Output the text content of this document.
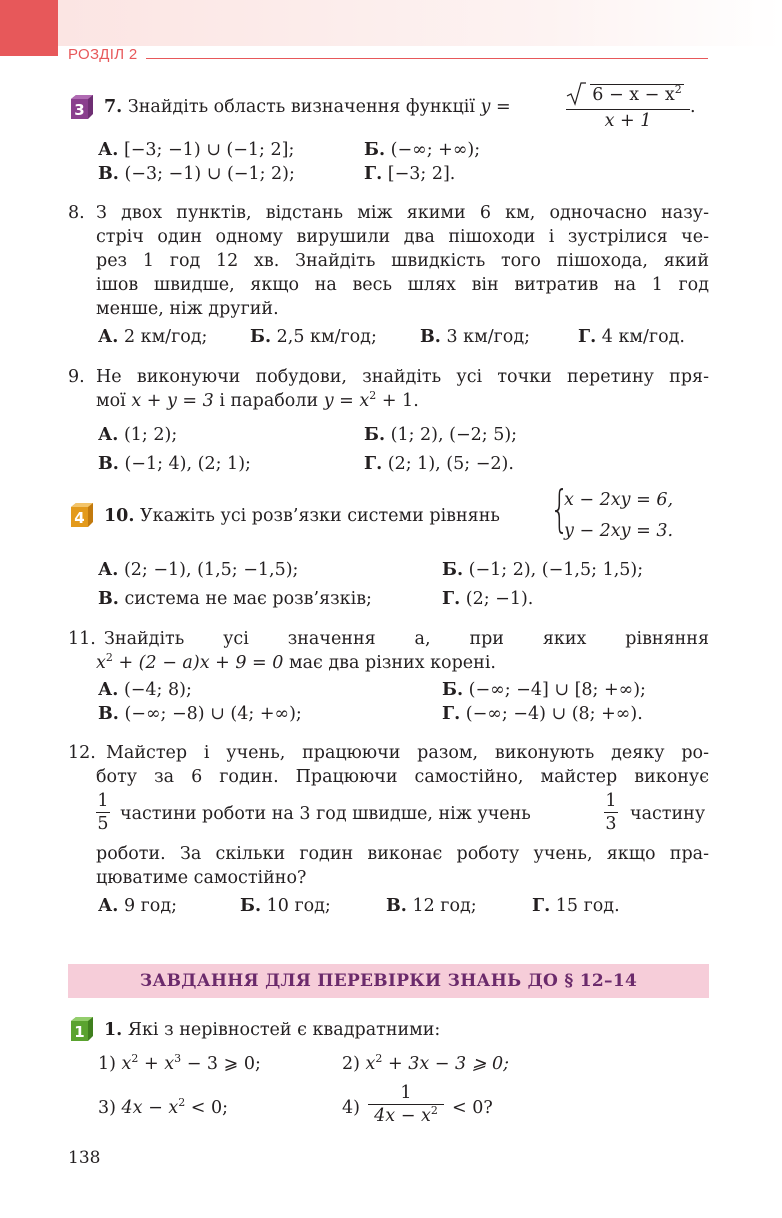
РОЗДІЛ 2
3 7. Знайдіть область визначення функції y =
$6 - x - x^2$
x + 1
.
А. [−3; −1) ∪ (−1; 2];	Б. (−∞; +∞);
В. (−3; −1) ∪ (−1; 2);	Г. [−3; 2].
8. З двох пунктів, відстань між якими 6 км, одночасно назу-
стріч один одному вирушили два пішоходи і зустрілися че-
рез 1 год 12 хв. Знайдіть швидкість того пішохода, який
ішов швидше, якщо на весь шлях він витратив на 1 год
менше, ніж другий.
А. 2 км/год; Б. 2,5 км/год; В. 3 км/год;	Г. 4 км/год.
9. Не виконуючи побудови, знайдіть усі точки перетину пря-
мої x + y = 3 і параболи $y = x^2 + 1$.
А. (1; 2);	Б. (1; 2), (−2; 5);
В. (−1; 4), (2; 1);	Г. (2; 1), (5; −2).
4 10. Укажіть усі розв’язки системи рівнянь {
x − 2xy = 6,
y − 2xy = 3.
А. (2; −1), (1,5; −1,5);	Б. (−1; 2), (−1,5; 1,5);
В. система не має розв’язків;	Г. (2; −1).
11. Знайдіть усі значення a, при яких рівняння
$x^2 + (2 - a)x + 9 = 0$ має два різних корені.
А. (−4; 8);	Б. (−∞; −4] ∪ [8; +∞);
В. (−∞; −8) ∪ (4; +∞);	Г. (−∞; −4) ∪ (8; +∞).
12. Майстер і учень, працюючи разом, виконують деяку ро-
боту за 6 годин. Працюючи самостійно, майстер виконує
1
5 частини роботи на 3 год швидше, ніж учень
1
3 частину
роботи. За скільки годин виконає роботу учень, якщо пра-
цюватиме самостійно?
А. 9 год;	Б. 10 год;	В. 12 год;	Г. 15 год.
ЗАВДАННЯ ДЛЯ ПЕРЕВІРКИ ЗНАНЬ ДО § 12–14
1 1. Які з нерівностей є квадратними:
1) $x^2 + x^3 - 3$ ⩾ 0;	2) $x^2 + 3x - 3$ ⩾ 0;
3) $4x - x^2 < 0$;	4)
1
$4x - x^2 < 0$?
138
